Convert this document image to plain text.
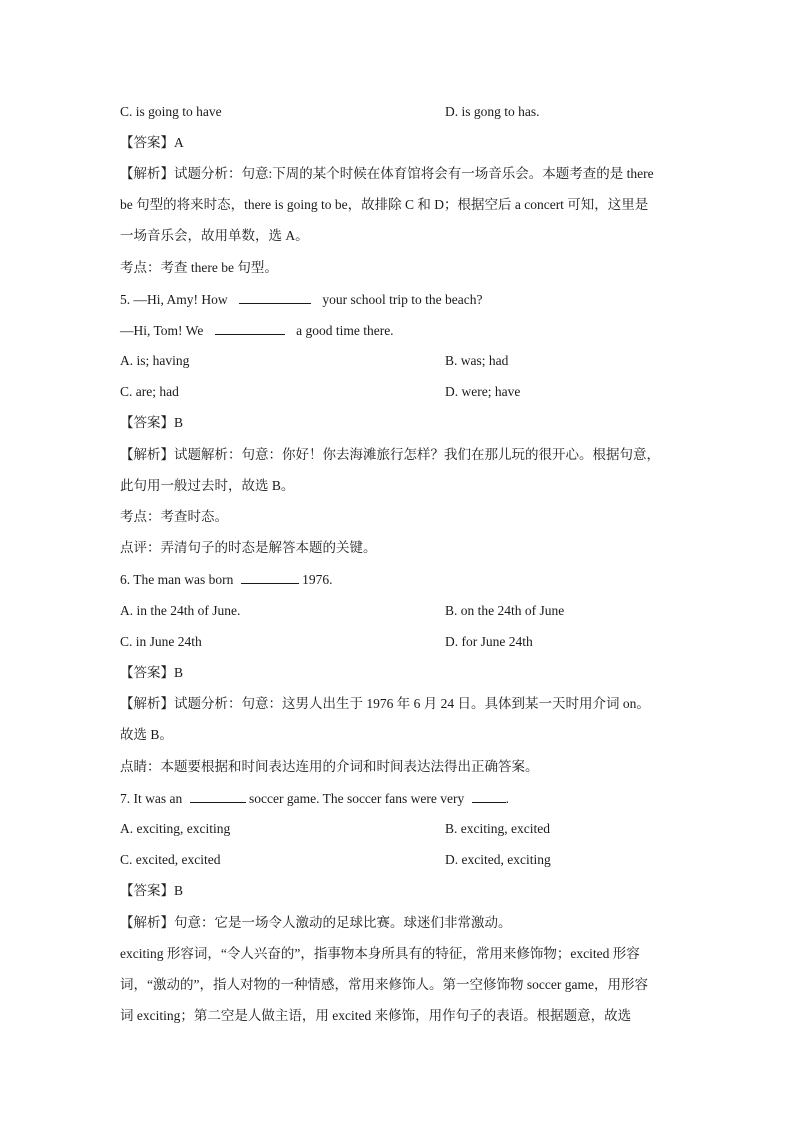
C. is going to have	D. is gong to has.
【答案】A
【解析】试题分析：句意:下周的某个时候在体育馆将会有一场音乐会。本题考查的是 there
be 句型的将来时态，there is going to be，故排除 C 和 D；根据空后 a concert 可知，这里是
一场音乐会，故用单数，选 A。
考点：考查 there be 句型。
5. —Hi, Amy! How	your school trip to the beach?
—Hi, Tom! We	a good time there.
A. is; having	B. was; had
C. are; had	D. were; have
【答案】B
【解析】试题解析：句意：你好！你去海滩旅行怎样？我们在那儿玩的很开心。根据句意，
此句用一般过去时，故选 B。
考点：考查时态。
点评：弄清句子的时态是解答本题的关键。
6. The man was born	1976.
A. in the 24th of June.	B. on the 24th of June
C. in June 24th	D. for June 24th
【答案】B
【解析】试题分析：句意：这男人出生于 1976 年 6 月 24 日。具体到某一天时用介词 on。
故选 B。
点睛：本题要根据和时间表达连用的介词和时间表达法得出正确答案。
7. It was an	soccer game. The soccer fans were very	.
A. exciting, exciting	B. exciting, excited
C. excited, excited	D. excited, exciting
【答案】B
【解析】句意：它是一场令人激动的足球比赛。球迷们非常激动。
exciting 形容词，“令人兴奋的”，指事物本身所具有的特征，常用来修饰物；excited 形容
词，“激动的”，指人对物的一种情感，常用来修饰人。第一空修饰物 soccer game，用形容
词 exciting；第二空是人做主语，用 excited 来修饰，用作句子的表语。根据题意，故选
